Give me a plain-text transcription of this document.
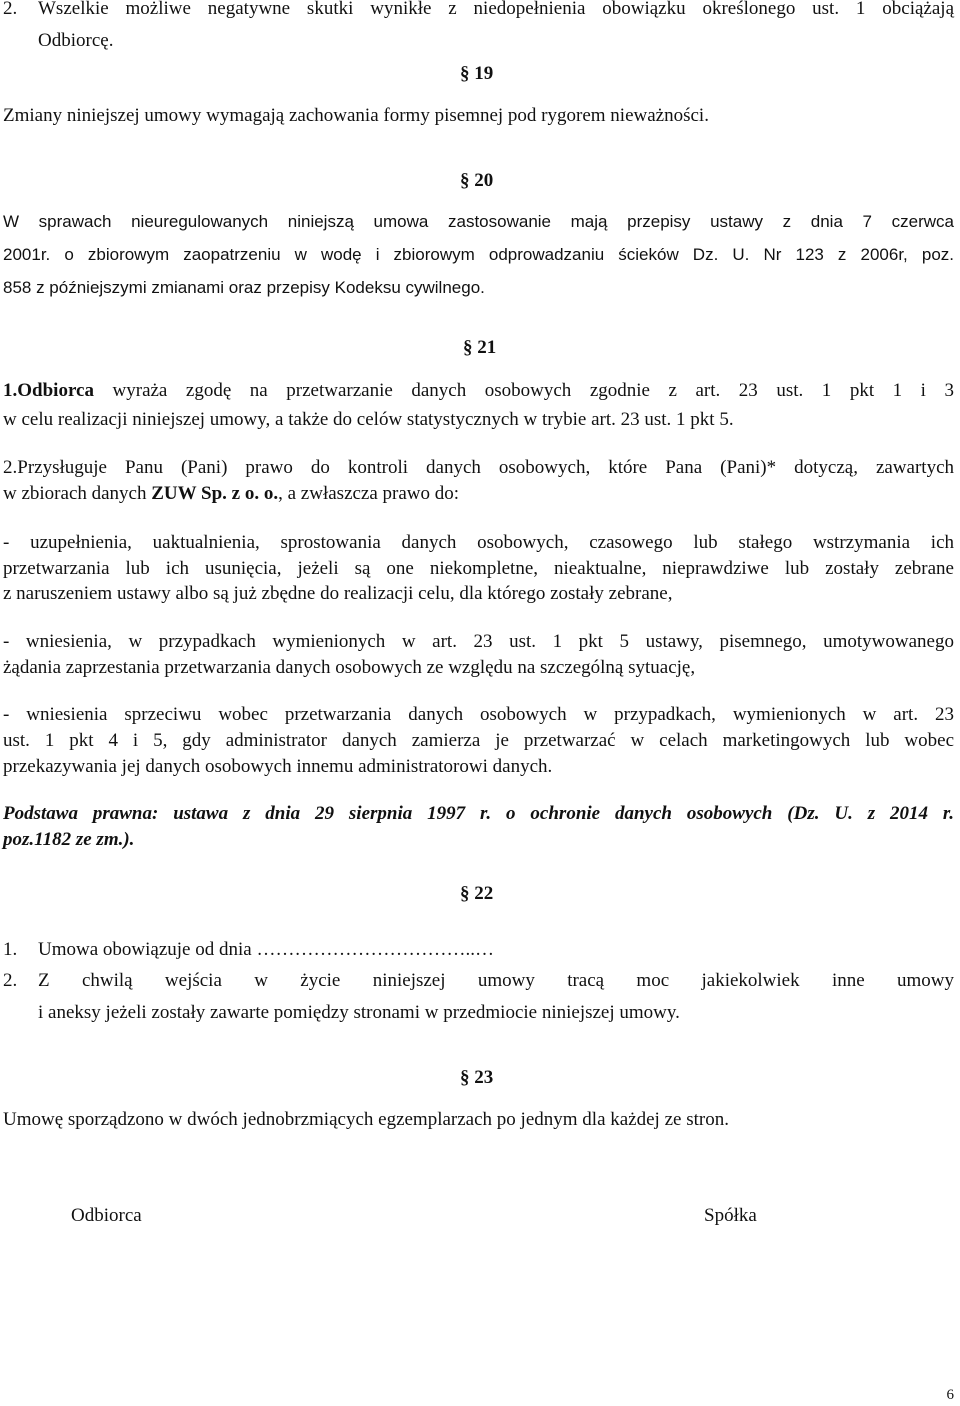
2. Wszelkie możliwe negatywne skutki wynikłe z niedopełnienia obowiązku określonego ust. 1 obciążają
Odbiorcę.
§ 19
Zmiany niniejszej umowy wymagają zachowania formy pisemnej pod rygorem nieważności.
§ 20
W sprawach nieuregulowanych niniejszą umowa zastosowanie mają przepisy ustawy z dnia 7 czerwca
2001r. o zbiorowym zaopatrzeniu w wodę i zbiorowym odprowadzaniu ścieków Dz. U. Nr 123 z 2006r, poz.
858 z późniejszymi zmianami oraz przepisy Kodeksu cywilnego.
§ 21
1.Odbiorca wyraża zgodę na przetwarzanie danych osobowych zgodnie z art. 23 ust. 1 pkt 1 i 3
w celu realizacji niniejszej umowy, a także do celów statystycznych w trybie art. 23 ust. 1 pkt 5.
2.Przysługuje Panu (Pani) prawo do kontroli danych osobowych, które Pana (Pani)* dotyczą, zawartych
w zbiorach danych ZUW Sp. z o. o., a zwłaszcza prawo do:
- uzupełnienia, uaktualnienia, sprostowania danych osobowych, czasowego lub stałego wstrzymania ich
przetwarzania lub ich usunięcia, jeżeli są one niekompletne, nieaktualne, nieprawdziwe lub zostały zebrane
z naruszeniem ustawy albo są już zbędne do realizacji celu, dla którego zostały zebrane,
- wniesienia, w przypadkach wymienionych w art. 23 ust. 1 pkt 5 ustawy, pisemnego, umotywowanego
żądania zaprzestania przetwarzania danych osobowych ze względu na szczególną sytuację,
- wniesienia sprzeciwu wobec przetwarzania danych osobowych w przypadkach, wymienionych w art. 23
ust. 1 pkt 4 i 5, gdy administrator danych zamierza je przetwarzać w celach marketingowych lub wobec
przekazywania jej danych osobowych innemu administratorowi danych.
Podstawa prawna: ustawa z dnia 29 sierpnia 1997 r. o ochronie danych osobowych (Dz. U. z 2014 r.
poz.1182 ze zm.).
§ 22
1. Umowa obowiązuje od dnia ……………………………..…
2. Z chwilą wejścia w życie niniejszej umowy tracą moc jakiekolwiek inne umowy
i aneksy jeżeli zostały zawarte pomiędzy stronami w przedmiocie niniejszej umowy.
§ 23
Umowę sporządzono w dwóch jednobrzmiących egzemplarzach po jednym dla każdej ze stron.
Odbiorca	Spółka
6
